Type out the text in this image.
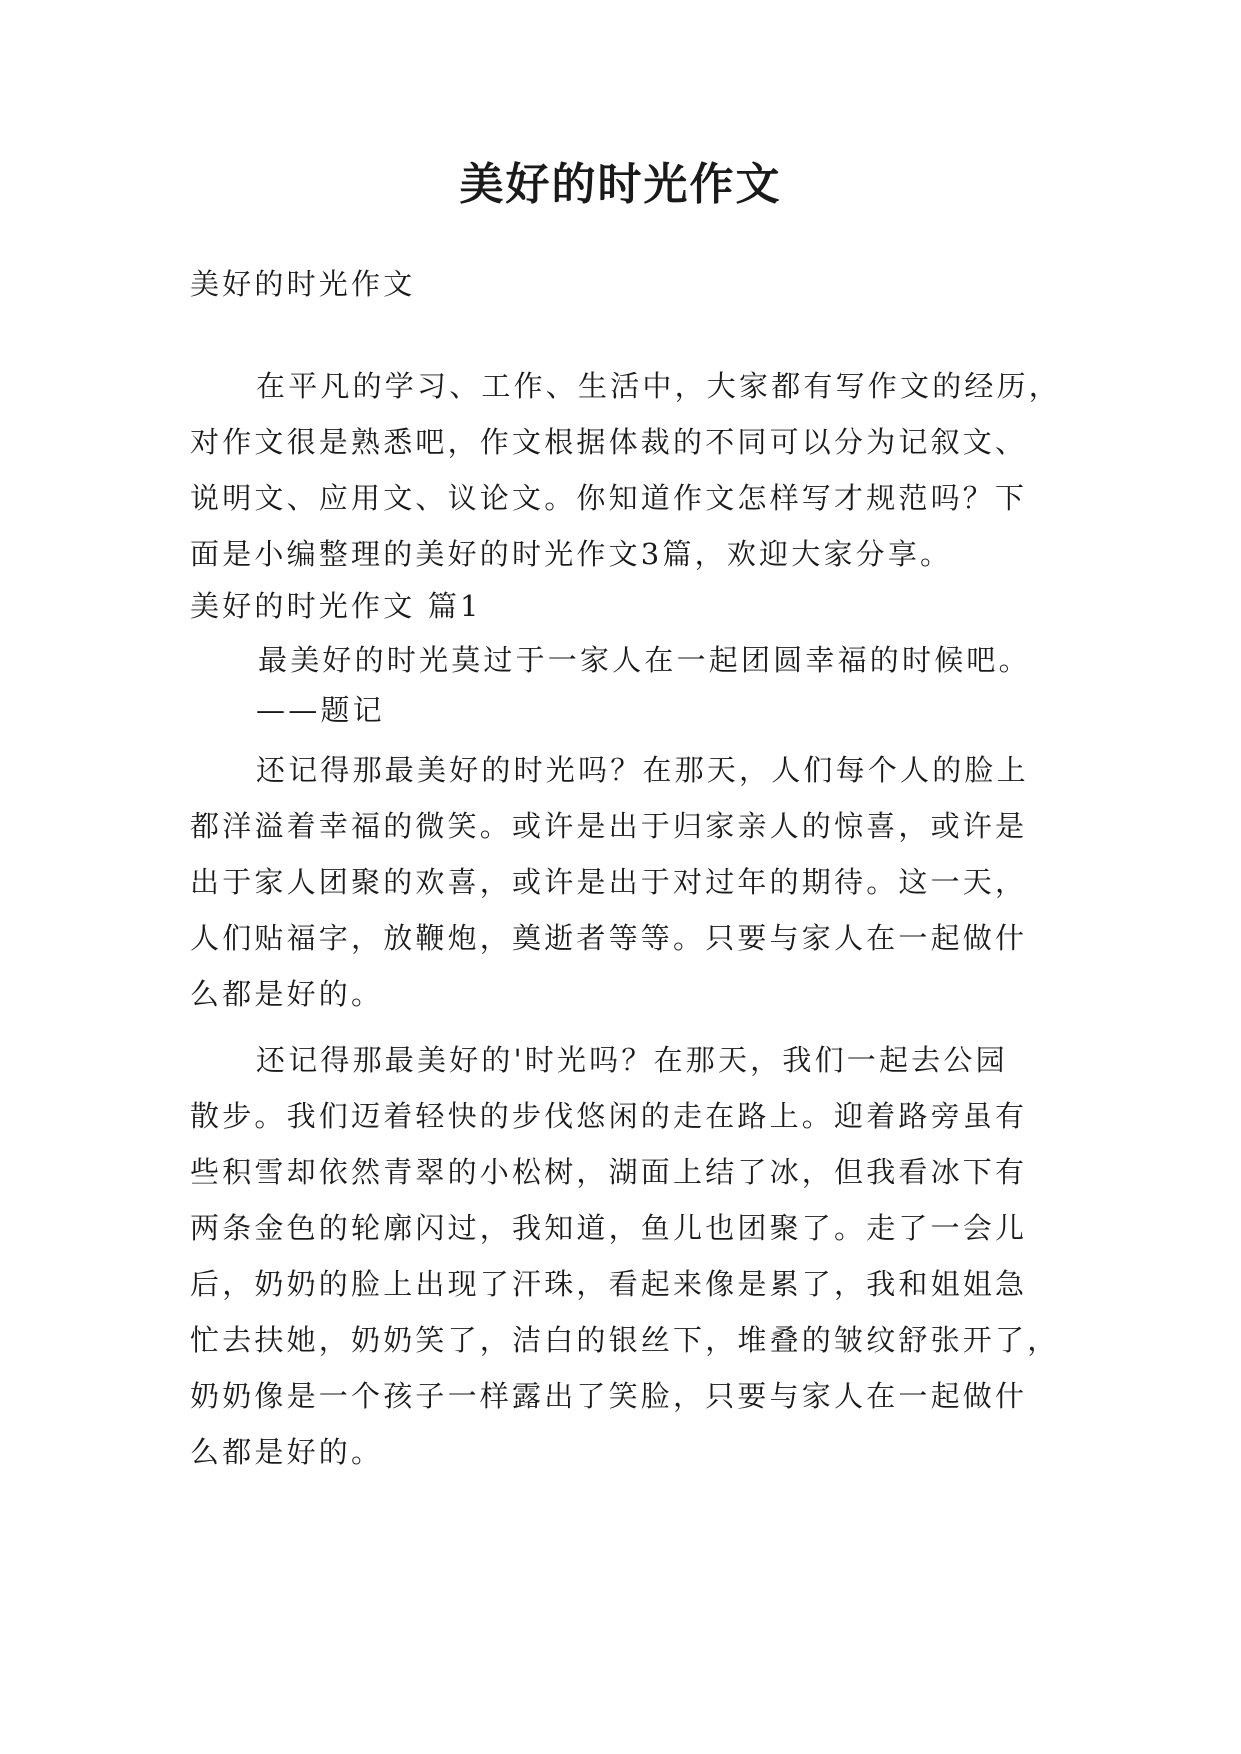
美好的时光作文
美好的时光作文
在平凡的学习、工作、生活中，大家都有写作文的经历，
对作文很是熟悉吧，作文根据体裁的不同可以分为记叙文、
说明文、应用文、议论文。你知道作文怎样写才规范吗？下
面是小编整理的美好的时光作文3篇，欢迎大家分享。
美好的时光作文 篇1
最美好的时光莫过于一家人在一起团圆幸福的时候吧。
——题记
还记得那最美好的时光吗？在那天，人们每个人的脸上
都洋溢着幸福的微笑。或许是出于归家亲人的惊喜，或许是
出于家人团聚的欢喜，或许是出于对过年的期待。这一天，
人们贴福字，放鞭炮，奠逝者等等。只要与家人在一起做什
么都是好的。
还记得那最美好的'时光吗？在那天，我们一起去公园
散步。我们迈着轻快的步伐悠闲的走在路上。迎着路旁虽有
些积雪却依然青翠的小松树，湖面上结了冰，但我看冰下有
两条金色的轮廓闪过，我知道，鱼儿也团聚了。走了一会儿
后，奶奶的脸上出现了汗珠，看起来像是累了，我和姐姐急
忙去扶她，奶奶笑了，洁白的银丝下，堆叠的皱纹舒张开了，
奶奶像是一个孩子一样露出了笑脸，只要与家人在一起做什
么都是好的。
